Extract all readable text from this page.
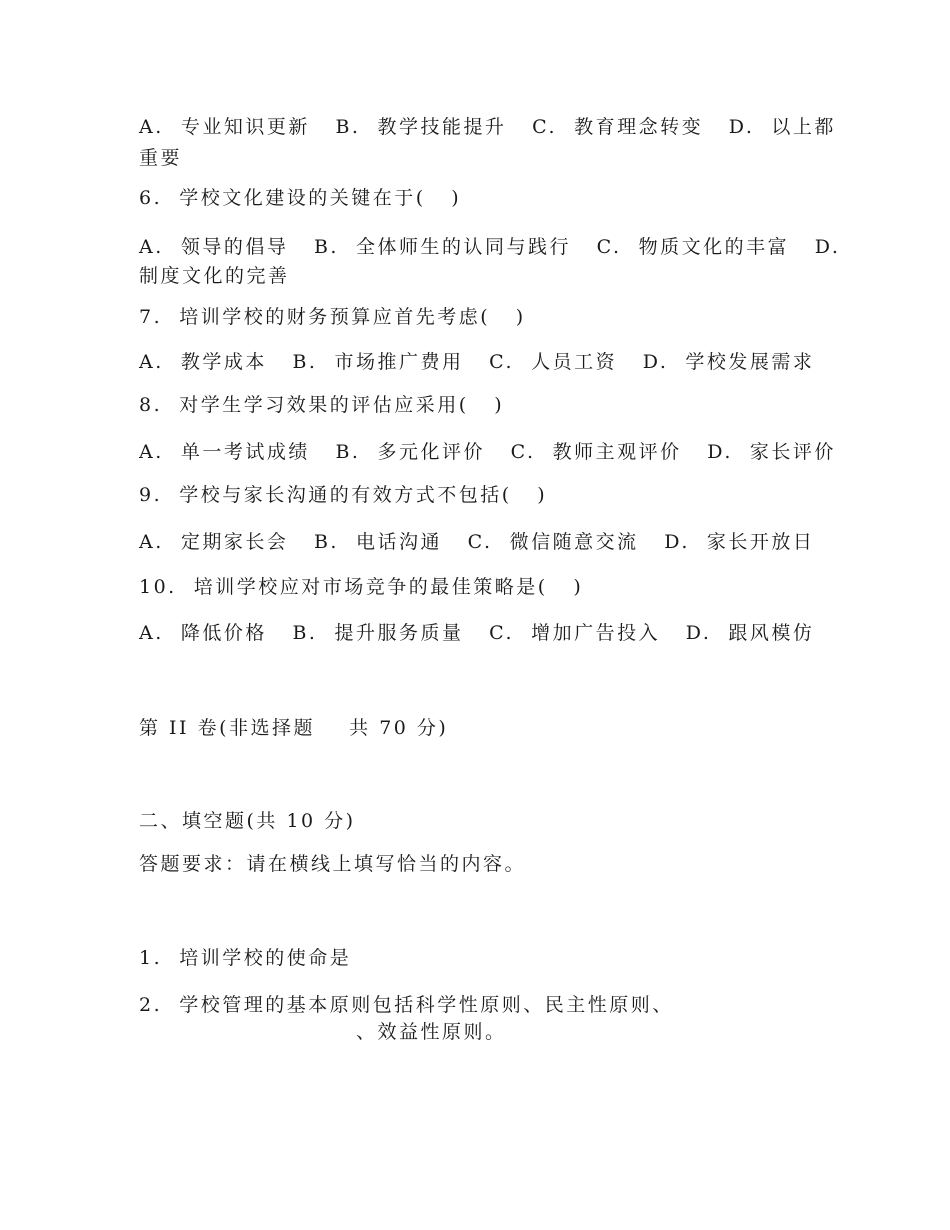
A.  专业知识更新   B.  教学技能提升   C.  教育理念转变   D.  以上都
重要
6.  学校文化建设的关键在于(   )
A.  领导的倡导   B.  全体师生的认同与践行   C.  物质文化的丰富   D.
制度文化的完善
7.  培训学校的财务预算应首先考虑(   )
A.  教学成本   B.  市场推广费用   C.  人员工资   D.  学校发展需求
8.  对学生学习效果的评估应采用(   )
A.  单一考试成绩   B.  多元化评价   C.  教师主观评价   D.  家长评价
9.  学校与家长沟通的有效方式不包括(   )
A.  定期家长会   B.  电话沟通   C.  微信随意交流   D.  家长开放日
10.  培训学校应对市场竞争的最佳策略是(   )
A.  降低价格   B.  提升服务质量   C.  增加广告投入   D.  跟风模仿
第 II 卷(非选择题    共 70 分)
二、填空题(共 10 分)
答题要求：请在横线上填写恰当的内容。
1.  培训学校的使命是
2.  学校管理的基本原则包括科学性原则、民主性原则、
、效益性原则。
